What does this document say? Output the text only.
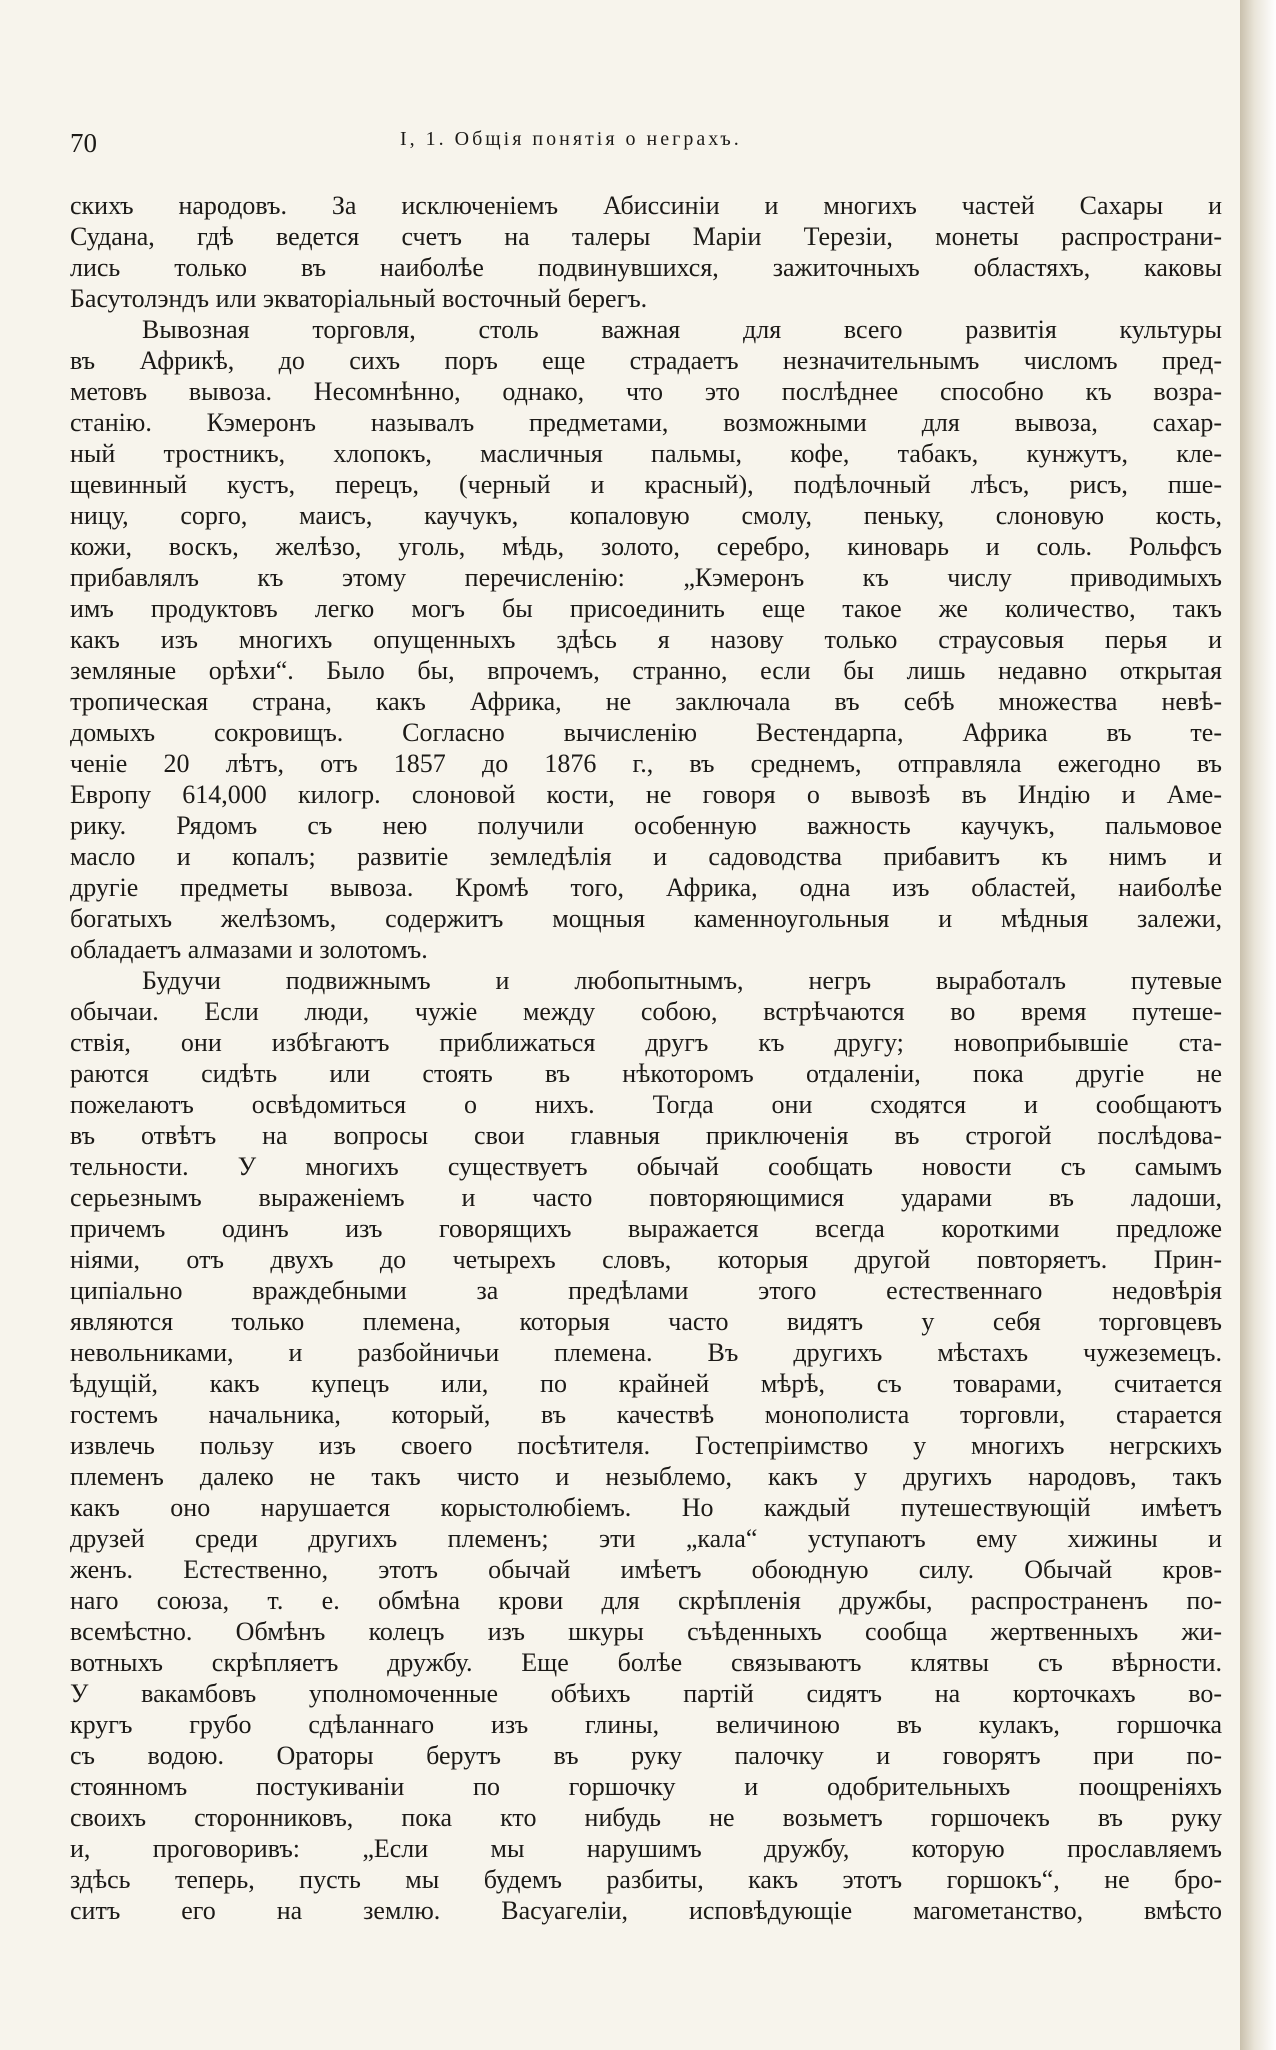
70	I, 1. Общія понятія о неграхъ.
скихъ народовъ. За исключеніемъ Абиссиніи и многихъ частей Сахары и
Судана, гдѣ ведется счетъ на талеры Маріи Терезіи, монеты распространи-
лись только въ наиболѣе подвинувшихся, зажиточныхъ областяхъ, каковы
Басутолэндъ или экваторіальный восточный берегъ.
Вывозная торговля, столь важная для всего развитія культуры
въ Африкѣ, до сихъ поръ еще страдаетъ незначительнымъ числомъ пред-
метовъ вывоза. Несомнѣнно, однако, что это послѣднее способно къ возра-
станію. Кэмеронъ называлъ предметами, возможными для вывоза, сахар-
ный тростникъ, хлопокъ, масличныя пальмы, кофе, табакъ, кунжутъ, кле-
щевинный кустъ, перецъ, (черный и красный), подѣлочный лѣсъ, рисъ, пше-
ницу, сорго, маисъ, каучукъ, копаловую смолу, пеньку, слоновую кость,
кожи, воскъ, желѣзо, уголь, мѣдь, золото, серебро, киноварь и соль. Рольфсъ
прибавлялъ къ этому перечисленію: „Кэмеронъ къ числу приводимыхъ
имъ продуктовъ легко могъ бы присоединить еще такое же количество, такъ
какъ изъ многихъ опущенныхъ здѣсь я назову только страусовыя перья и
земляные орѣхи“. Было бы, впрочемъ, странно, если бы лишь недавно открытая
тропическая страна, какъ Африка, не заключала въ себѣ множества невѣ-
домыхъ сокровищъ. Согласно вычисленію Вестендарпа, Африка въ те-
ченіе 20 лѣтъ, отъ 1857 до 1876 г., въ среднемъ, отправляла ежегодно въ
Европу 614,000 килогр. слоновой кости, не говоря о вывозѣ въ Индію и Аме-
рику. Рядомъ съ нею получили особенную важность каучукъ, пальмовое
масло и копалъ; развитіе земледѣлія и садоводства прибавитъ къ нимъ и
другіе предметы вывоза. Кромѣ того, Африка, одна изъ областей, наиболѣе
богатыхъ желѣзомъ, содержитъ мощныя каменноугольныя и мѣдныя залежи,
обладаетъ алмазами и золотомъ.
Будучи подвижнымъ и любопытнымъ, негръ выработалъ путевые
обычаи. Если люди, чужіе между собою, встрѣчаются во время путеше-
ствія, они избѣгаютъ приближаться другъ къ другу; новоприбывшіе ста-
раются сидѣть или стоять въ нѣкоторомъ отдаленіи, пока другіе не
пожелаютъ освѣдомиться о нихъ. Тогда они сходятся и сообщаютъ
въ отвѣтъ на вопросы свои главныя приключенія въ строгой послѣдова-
тельности. У многихъ существуетъ обычай сообщать новости съ самымъ
серьезнымъ выраженіемъ и часто повторяющимися ударами въ ладоши,
причемъ одинъ изъ говорящихъ выражается всегда короткими предложе
ніями, отъ двухъ до четырехъ словъ, которыя другой повторяетъ. Прин-
ципіально враждебными за предѣлами этого естественнаго недовѣрія
являются только племена, которыя часто видятъ у себя торговцевъ
невольниками, и разбойничьи племена. Въ другихъ мѣстахъ чужеземецъ.
ѣдущій, какъ купецъ или, по крайней мѣрѣ, съ товарами, считается
гостемъ начальника, который, въ качествѣ монополиста торговли, старается
извлечь пользу изъ своего посѣтителя. Гостепріимство у многихъ негрскихъ
племенъ далеко не такъ чисто и незыблемо, какъ у другихъ народовъ, такъ
какъ оно нарушается корыстолюбіемъ. Но каждый путешествующій имѣетъ
друзей среди другихъ племенъ; эти „кала“ уступаютъ ему хижины и
женъ. Естественно, этотъ обычай имѣетъ обоюдную силу. Обычай кров-
наго союза, т. е. обмѣна крови для скрѣпленія дружбы, распространенъ по-
всемѣстно. Обмѣнъ колецъ изъ шкуры съѣденныхъ сообща жертвенныхъ жи-
вотныхъ скрѣпляетъ дружбу. Еще болѣе связываютъ клятвы съ вѣрности.
У вакамбовъ уполномоченные обѣихъ партій сидятъ на корточкахъ во-
кругъ грубо сдѣланнаго изъ глины, величиною въ кулакъ, горшочка
съ водою. Ораторы берутъ въ руку палочку и говорятъ при по-
стоянномъ постукиваніи по горшочку и одобрительныхъ поощреніяхъ
своихъ сторонниковъ, пока кто нибудь не возьметъ горшочекъ въ руку
и, проговоривъ: „Если мы нарушимъ дружбу, которую прославляемъ
здѣсь теперь, пусть мы будемъ разбиты, какъ этотъ горшокъ“, не бро-
ситъ его на землю. Васуагеліи, исповѣдующіе магометанство, вмѣсто
